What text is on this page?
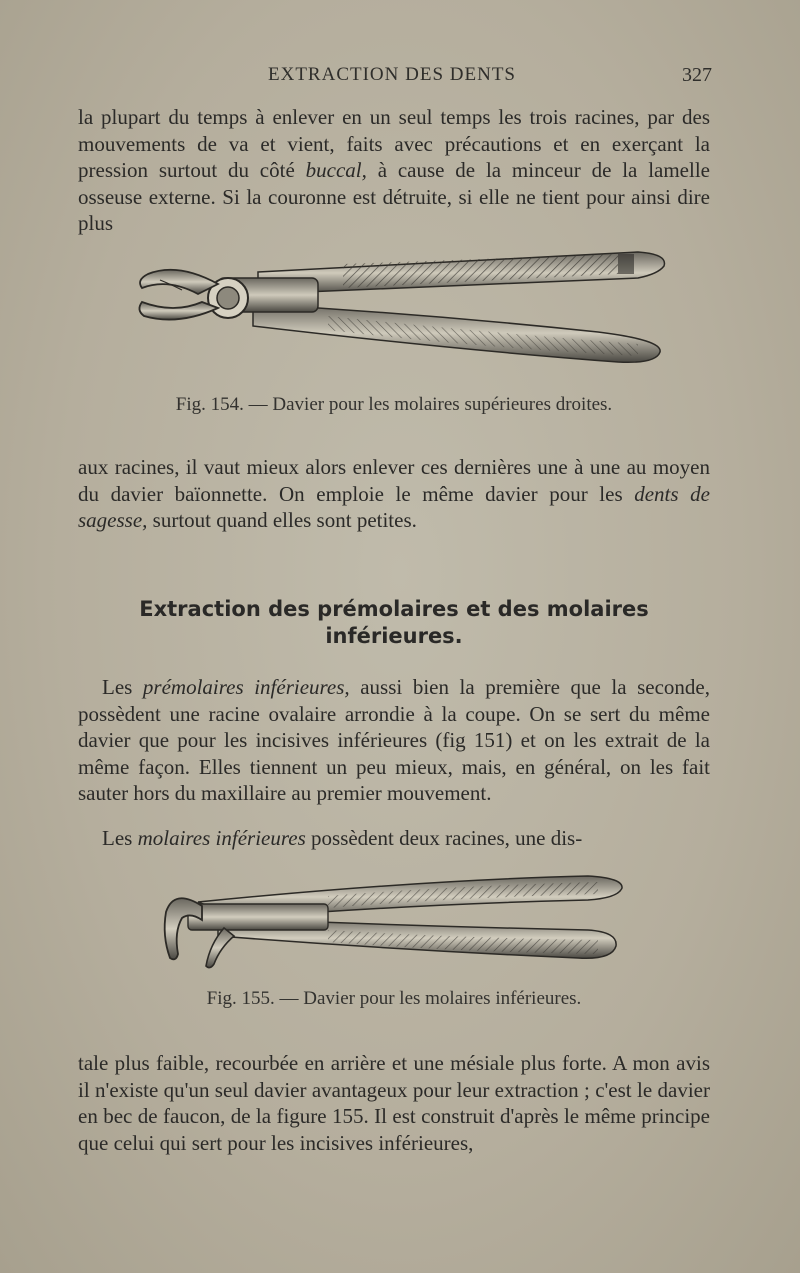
EXTRACTION DES DENTS	327

la plupart du temps à enlever en un seul temps les trois racines, par des mouvements de va et vient, faits avec précautions et en exerçant la pression surtout du côté buccal, à cause de la minceur de la lamelle osseuse externe. Si la couronne est détruite, si elle ne tient pour ainsi dire plus

Fig. 154. — Davier pour les molaires supérieures droites.

aux racines, il vaut mieux alors enlever ces dernières une à une au moyen du davier baïonnette. On emploie le même davier pour les dents de sagesse, surtout quand elles sont petites.

Extraction des prémolaires et des molaires inférieures.

Les prémolaires inférieures, aussi bien la première que la seconde, possèdent une racine ovalaire arrondie à la coupe. On se sert du même davier que pour les incisives inférieures (fig 151) et on les extrait de la même façon. Elles tiennent un peu mieux, mais, en général, on les fait sauter hors du maxillaire au premier mouvement.

Les molaires inférieures possèdent deux racines, une dis-

Fig. 155. — Davier pour les molaires inférieures.

tale plus faible, recourbée en arrière et une mésiale plus forte. A mon avis il n'existe qu'un seul davier avantageux pour leur extraction ; c'est le davier en bec de faucon, de la figure 155. Il est construit d'après le même principe que celui qui sert pour les incisives inférieures,
